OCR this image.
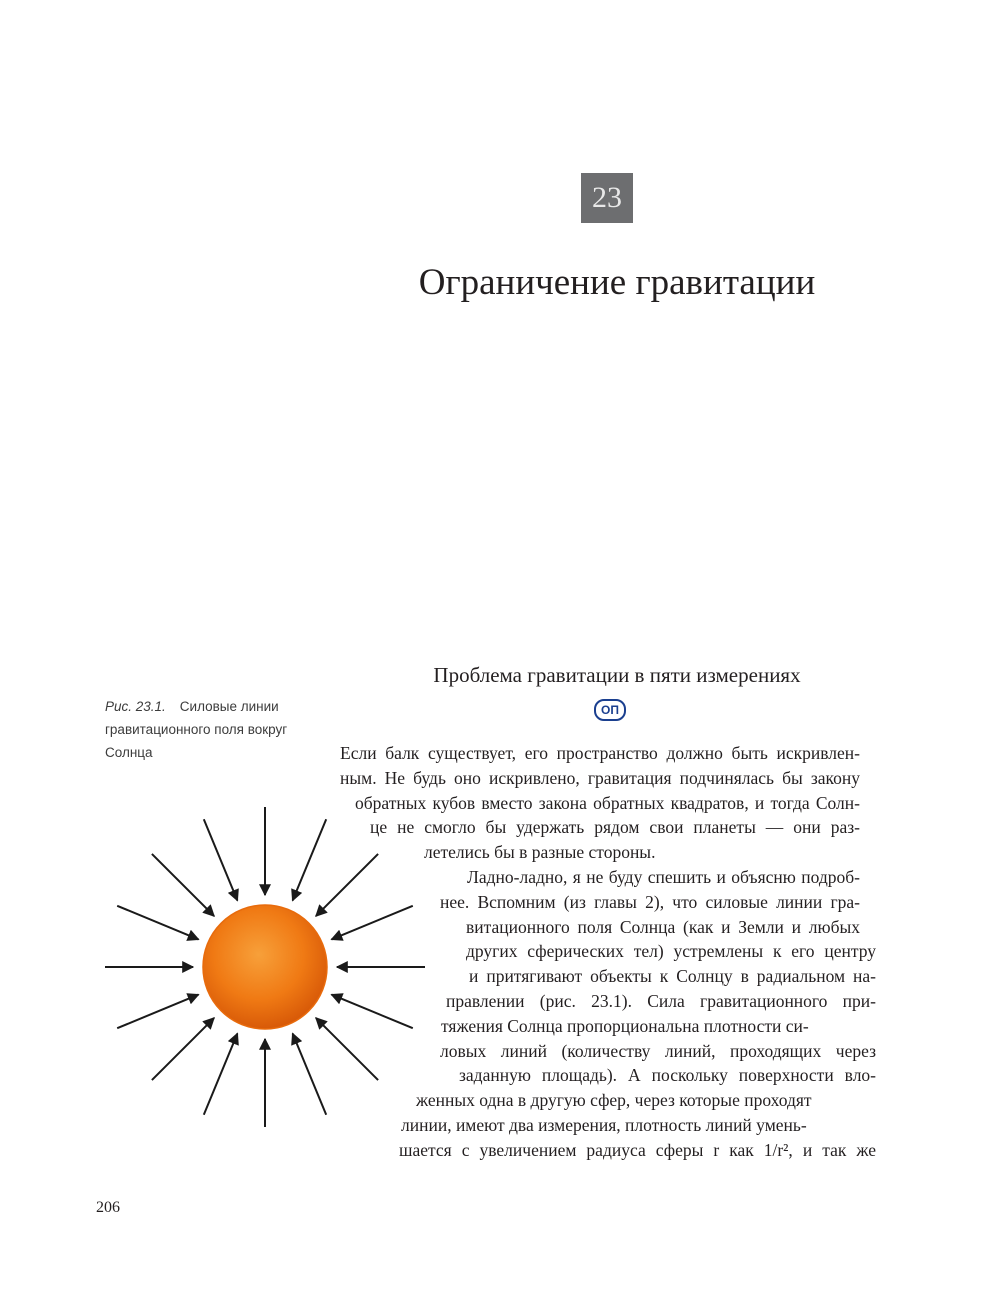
23
Ограничение гравитации
Проблема гравитации в пяти измерениях
ОП
Рис. 23.1. Силовые линии гравитационного поля вокруг Солнца	Если балк существует, его пространство должно быть искривлен-
ным. Не будь оно искривлено, гравитация подчинялась бы закону
обратных кубов вместо закона обратных квадратов, и тогда Солн-
це не смогло бы удержать рядом свои планеты — они раз-
летелись бы в разные стороны.
Ладно-ладно, я не буду спешить и объясню подроб-
нее. Вспомним (из главы 2), что силовые линии гра-
витационного поля Солнца (как и Земли и любых
других сферических тел) устремлены к его центру
и притягивают объекты к Солнцу в радиальном на-
правлении (рис. 23.1). Сила гравитационного при-
тяжения Солнца пропорциональна плотности си-
ловых линий (количеству линий, проходящих через
заданную площадь). А поскольку поверхности вло-
женных одна в другую сфер, через которые проходят
линии, имеют два измерения, плотность линий умень-
шается с увеличением радиуса сферы r как 1/r², и так же
206
